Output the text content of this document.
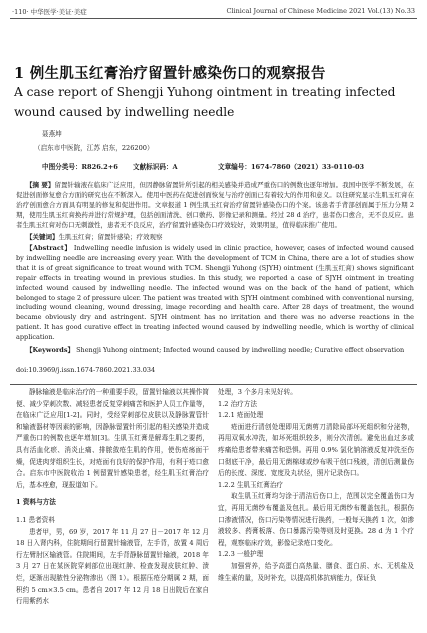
·110· 中华医学·美证·美症	Clinical Journal of Chinese Medicine 2021 Vol.(13) No.33
1 例生肌玉红膏治疗留置针感染伤口的观察报告
A case report of Shengji Yuhong ointment in treating infected wound caused by indwelling needle
聂燕坤
（启东市中医院，江苏 启东，226200）
中图分类号：R826.2+6 文献标识码：A	文章编号：1674-7860（2021）33-0110-03
【摘 要】留置针输液在临床广泛应用，但因静脉留置针所引起的相关感染并造成严重伤口的例数也逐年增加。我国中医学不断发展，在促进创面修复愈合方面的研究也在不断深入。使用中医药在促进创面恢复与治疗创面已有着较大的作用和意义。以往研究显示生肌玉红膏在治疗创面愈合方面具有明显的修复和促进作用。文章报道 1 例生肌玉红膏治疗留置针感染伤口的个案。该患者手背部创面属于压力分期 2 期，使用生肌玉红膏换药并进行常规护理，包括创面清洗、创口敷药、影像记录和测量。经过 28 d 治疗，患者伤口愈合，无不良反应。患者生肌玉红膏对伤口无刺激性，患者无不良反应，治疗留置针感染伤口疗效较好，效果明显，值得临床推广使用。
【关键词】生肌玉红膏；留置针感染；疗效观察
【Abstract】 Indwelling needle infusion is widely used in clinic practice, however, cases of infected wound caused by indwelling needle are increasing every year. With the development of TCM in China, there are a lot of studies show that it is of great significance to treat wound with TCM. Shengji Yuhong (SJYH) ointment (生肌玉红膏) shows significant repair effects in treating wound in previous studies. In this study, we reported a case of SJYH ointment in treating infected wound caused by indwelling needle. The infected wound was on the back of the hand of patient, which belonged to stage 2 of pressure ulcer. The patient was treated with SJYH ointment combined with conventional nursing, including wound cleaning, wound dressing, image recording and health care. After 28 days of treatment, the wound became obviously dry and astringent. SJYH ointment has no irritation and there was no adverse reactions in the patient. It has good curative effect in treating infected wound caused by indwelling needle, which is worthy of clinical application.
【Keywords】 Shengji Yuhong ointment; Infected wound caused by indwelling needle; Curative effect observation
doi:10.3969/j.issn.1674-7860.2021.33.034

静脉输液是临床治疗的一种重要手段，留置针输液以其操作简便、减少穿刺次数、减轻患者反复穿刺痛苦和医护人员工作量等，在临床广泛应用[1-2]。同时，受经穿刺部位皮肤以及静脉置管针和输液器材等因素的影响，因静脉留置针所引起的相关感染并造成严重伤口的例数也逐年增加[3]。生肌玉红膏是解毒生肌之要药，具有活血化瘀、消炎止痛、排脓敛疮生肌的作用，使伤疮疡面干燥，促进肉芽组织生长，对疮面有良好的保护作用，有利于疮口愈合。启东市中医院收治 1 例留置针感染患者，经生肌玉红膏治疗后，基本痊愈，现报道如下。

1 资料与方法

1.1 患者资料

患者甲，男，69 岁，2017 年 11 月 27 日－2017 年 12 月 18 日入肾内科，住院期间行留置针输液管，左手背，放置 4 周后行左臂肘区输液管。住院期间，左手背静脉留置针输液，2018 年 3 月 27 日在某医院穿刺部位出现红肿、检查发现皮肤红肿、溃烂，逐渐出现脓性分泌物渗出（图 1）。根据压疮分期属 2 期，面积约 5 cm×3.5 cm。患者自 2017 年 12 月 18 日出院后在家自行用紫药水

处理，3 个多月未见好转。

1.2 治疗方法

1.2.1 疮面处理

疮面进行清创处理即用无菌剪刀清除局部坏死组织和分泌物，再用双氧水冲洗，如坏死组织较多，则分次清创。避免出血过多或疼痛给患者带来痛苦和恐惧。再用 0.9% 氯化钠溶液反复冲洗至伤口彻底干净，最后用无菌棉球或纱布吸干创口残液，清创后测量伤后的长度、深度、宽度及丸状径，照片记录伤口。

1.2.2 生肌玉红膏治疗

取生肌玉红膏均匀涂于清洁后伤口上，范围以完全覆盖伤口为宜，再用无菌纱布覆盖及包扎。最后用无菌纱布覆盖包扎，根据伤口渗液情况，伤口污染等情况进行换药，一般每天换药 1 次，如渗液较多、药膏板落、伤口暴露污染等则及时更换。28 d 为 1 个疗程，观察临床疗效，影像记录疮口变化。

1.2.3 一般护理

加强营养，给予高蛋白高热量、膳食、蛋白质、水、无机盐及维生素的量，及时补充，以提高机体抗病能力，保证负
